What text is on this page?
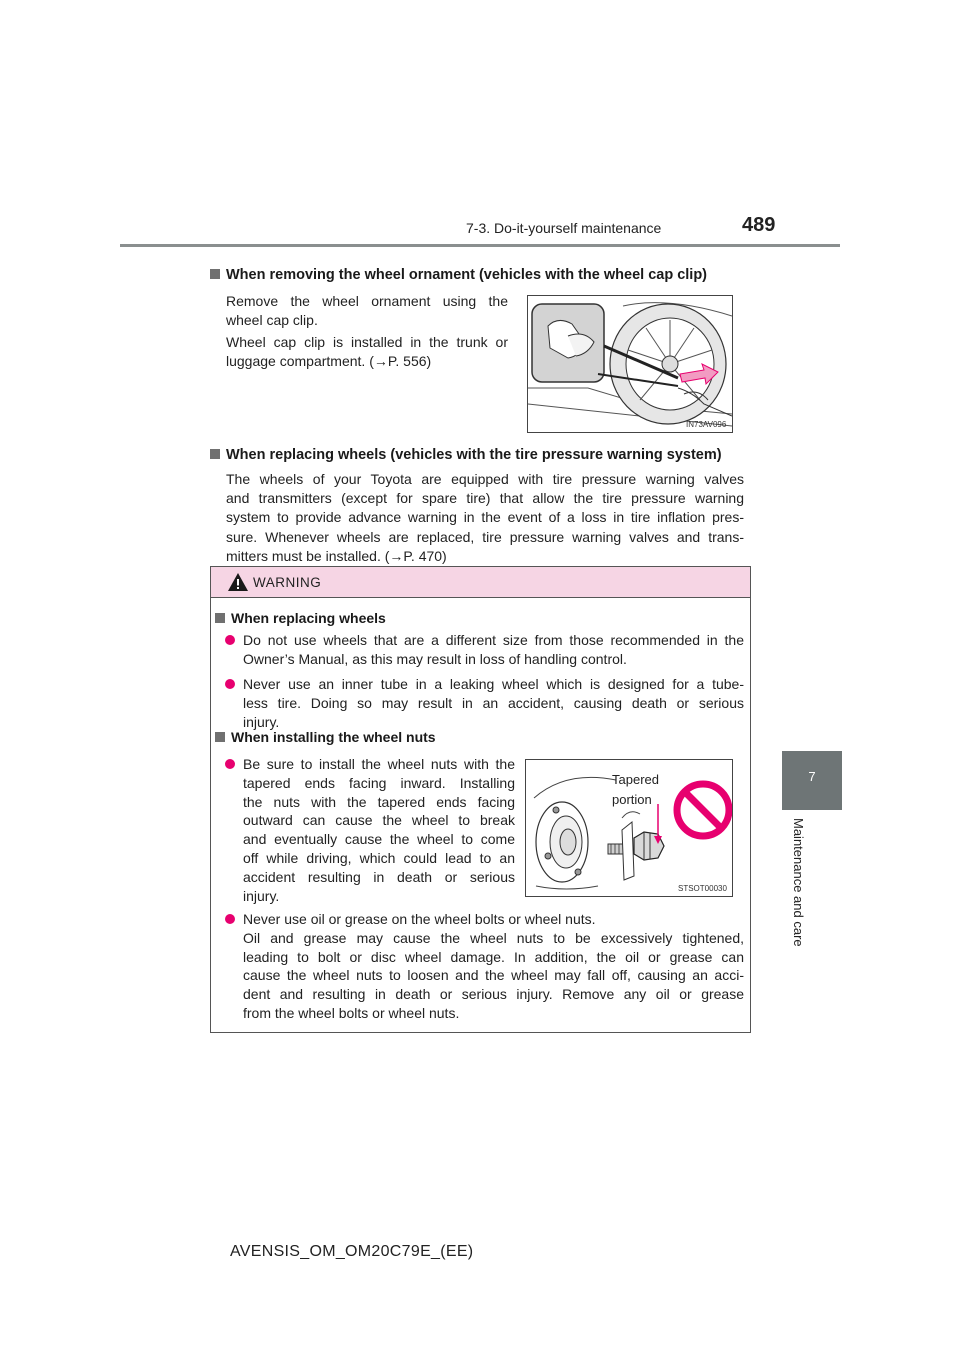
7-3. Do-it-yourself maintenance	489
7
Maintenance and care
When removing the wheel ornament (vehicles with the wheel cap clip)
Remove the wheel ornament using the
wheel cap clip.
Wheel cap clip is installed in the trunk or
luggage compartment. (→P. 556)
IN73AV096
When replacing wheels (vehicles with the tire pressure warning system)
The wheels of your Toyota are equipped with tire pressure warning valves
and transmitters (except for spare tire) that allow the tire pressure warning
system to provide advance warning in the event of a loss in tire inflation pres-
sure. Whenever wheels are replaced, tire pressure warning valves and trans-
mitters must be installed. (→P. 470)
WARNING
When replacing wheels
Do not use wheels that are a different size from those recommended in the
Owner’s Manual, as this may result in loss of handling control.
Never use an inner tube in a leaking wheel which is designed for a tube-
less tire. Doing so may result in an accident, causing death or serious
injury.
When installing the wheel nuts
Be sure to install the wheel nuts with the
tapered ends facing inward. Installing
the nuts with the tapered ends facing
outward can cause the wheel to break
and eventually cause the wheel to come
off while driving, which could lead to an
accident resulting in death or serious
injury.
Tapered
portion
STSOT00030
Never use oil or grease on the wheel bolts or wheel nuts.
Oil and grease may cause the wheel nuts to be excessively tightened,
leading to bolt or disc wheel damage. In addition, the oil or grease can
cause the wheel nuts to loosen and the wheel may fall off, causing an acci-
dent and resulting in death or serious injury. Remove any oil or grease
from the wheel bolts or wheel nuts.
AVENSIS_OM_OM20C79E_(EE)
